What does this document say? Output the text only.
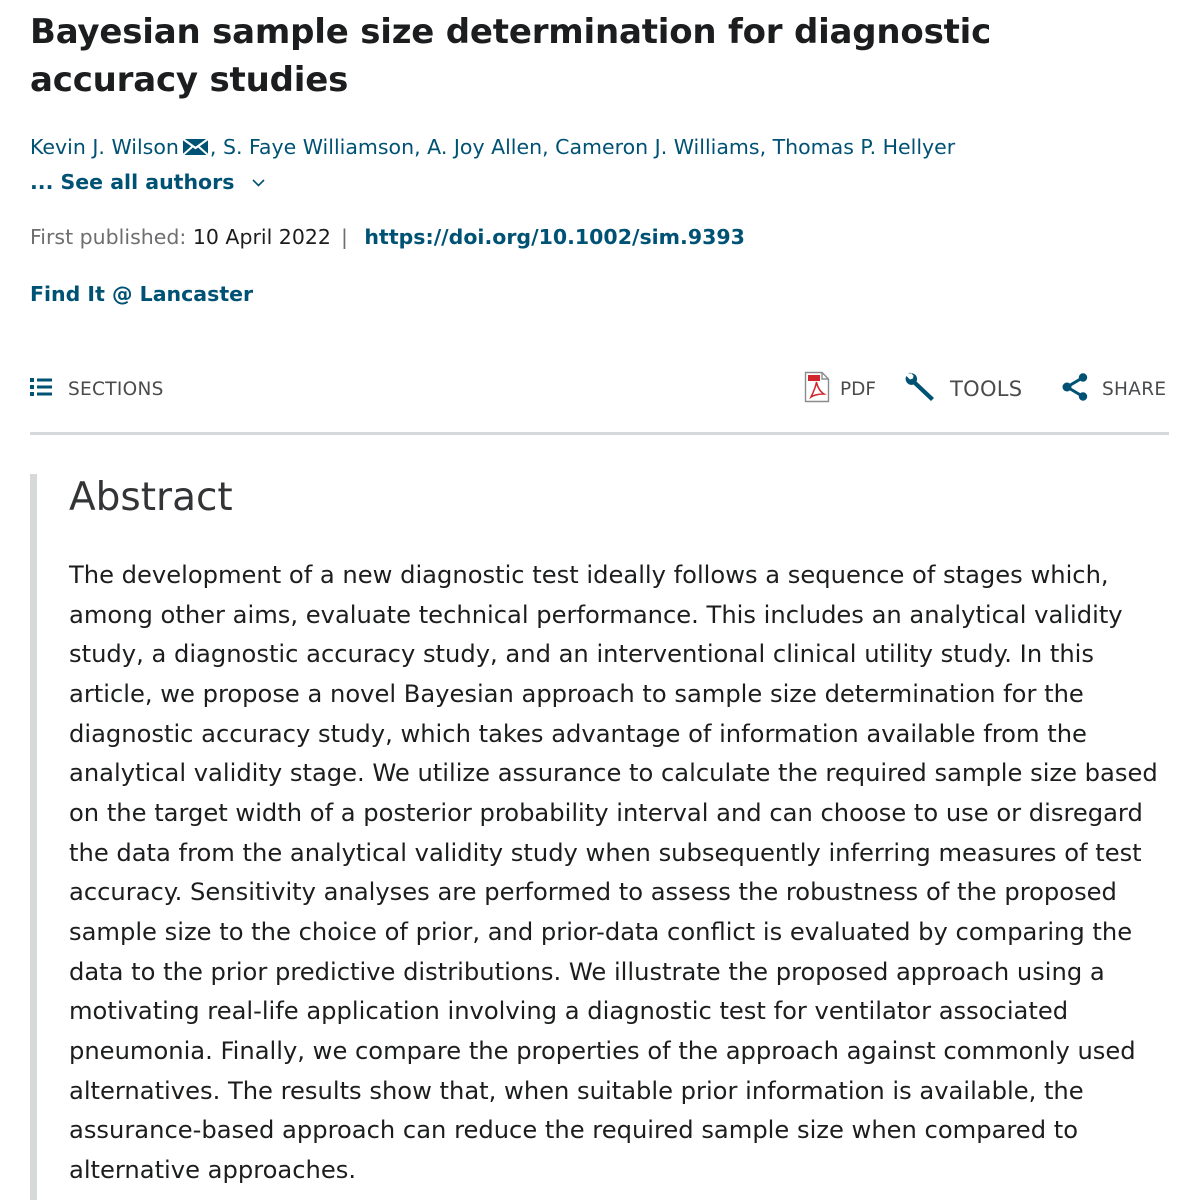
Bayesian sample size determination for diagnostic accuracy studies
Kevin J. Wilson , S. Faye Williamson, A. Joy Allen, Cameron J. Williams, Thomas P. Hellyer
... See all authors
First published: 10 April 2022 | https://doi.org/10.1002/sim.9393
Find It @ Lancaster
SECTIONS	PDF	TOOLS	SHARE
Abstract

The development of a new diagnostic test ideally follows a sequence of stages which, among other aims, evaluate technical performance. This includes an analytical validity study, a diagnostic accuracy study, and an interventional clinical utility study. In this article, we propose a novel Bayesian approach to sample size determination for the diagnostic accuracy study, which takes advantage of information available from the analytical validity stage. We utilize assurance to calculate the required sample size based on the target width of a posterior probability interval and can choose to use or disregard the data from the analytical validity study when subsequently inferring measures of test accuracy. Sensitivity analyses are performed to assess the robustness of the proposed sample size to the choice of prior, and prior-data conflict is evaluated by comparing the data to the prior predictive distributions. We illustrate the proposed approach using a motivating real-life application involving a diagnostic test for ventilator associated pneumonia. Finally, we compare the properties of the approach against commonly used alternatives. The results show that, when suitable prior information is available, the assurance-based approach can reduce the required sample size when compared to alternative approaches.
